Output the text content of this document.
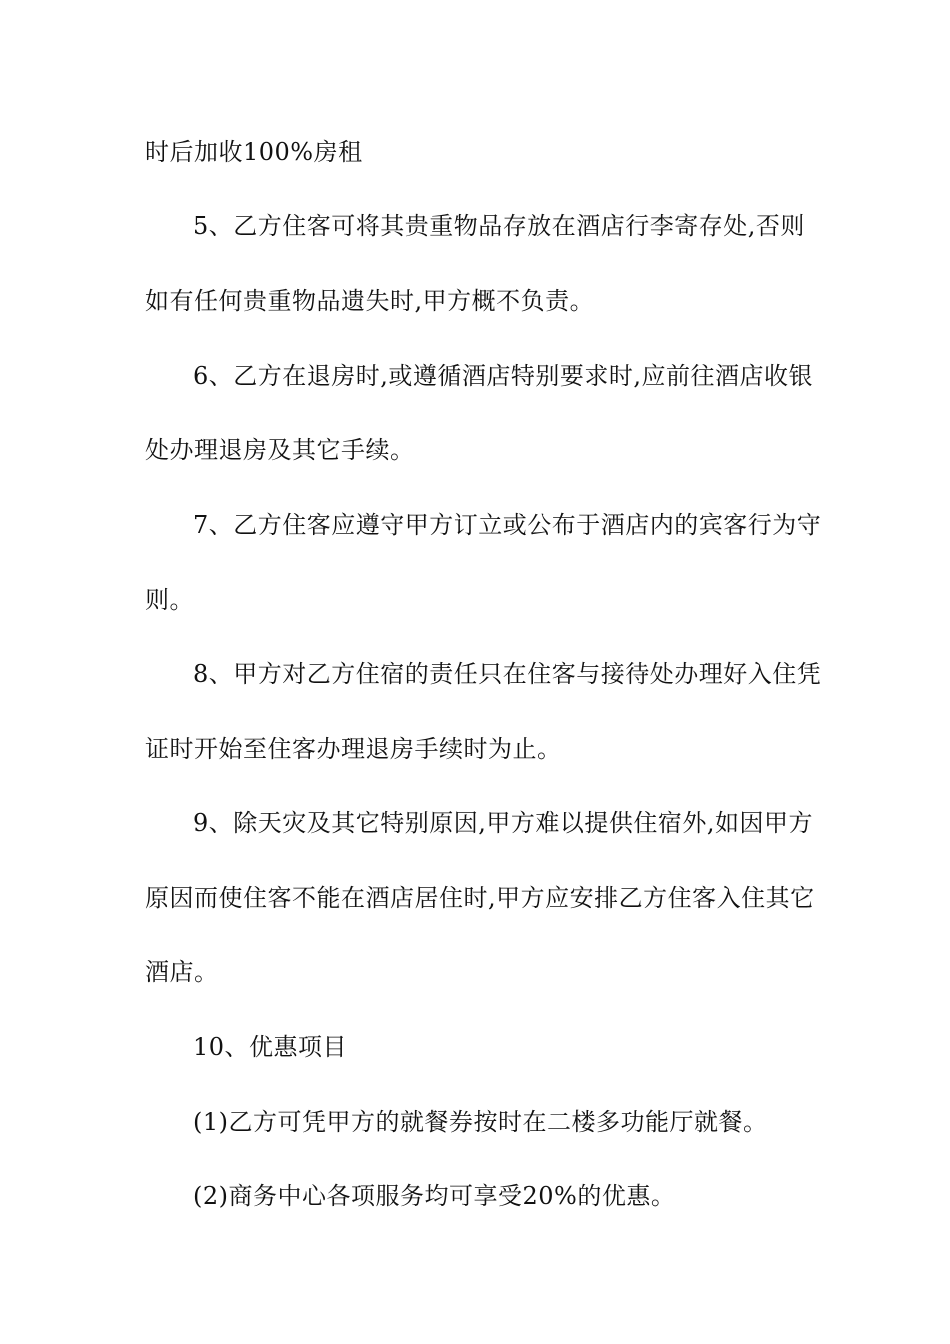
时后加收100%房租
5、乙方住客可将其贵重物品存放在酒店行李寄存处,否则
如有任何贵重物品遗失时,甲方概不负责。
6、乙方在退房时,或遵循酒店特别要求时,应前往酒店收银
处办理退房及其它手续。
7、乙方住客应遵守甲方订立或公布于酒店内的宾客行为守
则。
8、甲方对乙方住宿的责任只在住客与接待处办理好入住凭
证时开始至住客办理退房手续时为止。
9、除天灾及其它特别原因,甲方难以提供住宿外,如因甲方
原因而使住客不能在酒店居住时,甲方应安排乙方住客入住其它
酒店。
10、优惠项目
(1)乙方可凭甲方的就餐券按时在二楼多功能厅就餐。
(2)商务中心各项服务均可享受20%的优惠。
